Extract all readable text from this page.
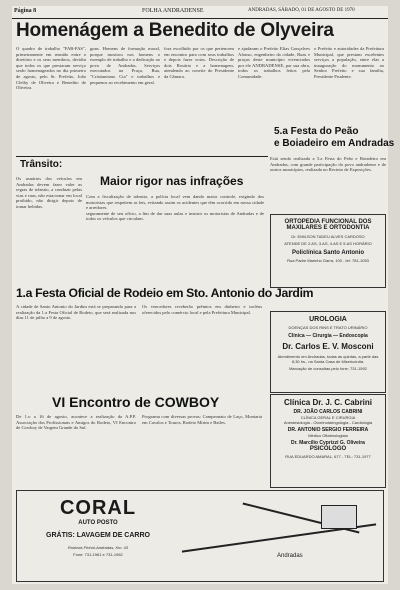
Página 8	FOLHA ANDRADENSE	ANDRADAS, SÁBADO, 01 DE AGOSTO DE 1970
Homenágem a Benedito de Olyveira
O quadro de trabalho "FAB-FAS", primeiramente em reunião entre o diretório e os seus membros, decidiu que todos os que prestaram serviço serão homenageados no dia primeiro de agosto, pelo Sr. Prefeito, João Cleiby de Oliveira e Benedito de Oliveira.
guns. Homens de formação moral, porque mostrou nos homens o exemplo de trabalho e a dedicação ao povo de Andradas. Serviços executados na Praça, Rua, "Cristianismo Cia" e trabalhos e pequenos ao recebimento em geral.
fora escolhido por os que pertencem em encontro para com seus trabalhos e depois fazer votos. Descrição de dois Rosário e a homenagem, atendendo ao convite do Presidente da Câmara.
e ajudaram o Prefeito Elias Gonçalves Afonso, engenheiro da cidade, Ruas e praças deste município vivenciados por ele ANDRADENSE, por sua obra, todos os trabalhos feitos pela Comunidade.
o Prefeito e autoridades da Prefeitura Municipal, que prestam excelentes serviços a população, entre elas a inauguração do monumento ao Senhor Prefeito e sua família, Presidente Prudente.
Trânsito:
Os usuários dos veículos em Andradas devem fazer valer as regras de trânsito, a conduzir pelas vias e ruas, não estacionar em local proibido, não dirigir depois de tomar bebidas.
Maior rigor nas infrações
Com a fiscalização de trânsito, a polícia local vem dando maior controle, exigindo dos motoristas que respeitem as leis, evitando assim os acidentes que têm ocorrido em nossa cidade e arredores.
seguramente de seu ofício, a fim de dar suas aulas e instruir os motoristas de Andradas e de todos os veículos que circulam.
5.a Festa do Peão
e Boiadeiro em Andradas
Está sendo realizada a 5.a Festa do Peão e Boiadeiro em Andradas, com grande participação do povo andradense e de outros municípios, realizada no Recinto de Exposições.
ORTOPEDIA FUNCIONAL DOS
MAXILARES E ORTODONTIA
Dr. EMILSON TADEU ALVES CARDOSO
ATENDE DE 2.AS, 3.AS, 4.AS E 5.AS HORÁRIO
Policlínica Santo Antonio
Rua Padre Marinho Garra, 100 - tel: 781-1053
1.a Festa Oficial de Rodeio em Sto. Antonio do Jardim
A cidade de Santo Antonio do Jardim está se preparando para a realização da 1.a Festa Oficial de Rodeio, que será realizada nos dias 11 de julho a 9 de agosto.
Os vencedores receberão prêmios em dinheiro e troféus oferecidos pelo comércio local e pela Prefeitura Municipal.
UROLOGIA
DOENÇAS DOS RINS E TRATO URINÁRIO
Clínica — Cirurgia — Endoscopia
Dr. Carlos E. V. Mosconi
Atendimento em Andradas, todas as quintas, a partir das 8,30 hs., na Santa Casa de Misericórdia.
Marcação de consultas pelo fone: 731-1592
VI Encontro de COWBOY
De 1.o a 16 de agosto, acontece a realização da A.P.P. Associação dos Profissionais e Amigos do Rodeio, VI Encontro de Cowboy de Vargem Grande do Sul.
Programa com diversas provas: Campeonato de Laço, Montaria em Cavalos e Touros, Rodeio Mirim e Bailes.
Clínica Dr. J. C. Cabrini
DR. JOÃO CARLOS CABRINI
CLÍNICA GERAL E CIRURGIA
Anestesiologia - Otorrinolaringologia - Cardiologia
DR. ANTONIO SERGIO FERREIRA
Médico Oftalmologista
Dr. Marcílio Cyprizzi G. Oliveira
PSICOLOGO
RUA EDUARDO AMARAL, 677 - TEL: 731-1977
CORAL
AUTO POSTO
GRÁTIS: LAVAGEM DE CARRO
Rodovia Pinhal-Andradas, Km. 43
Fone: 731-1961 e 731-1962	Andradas
